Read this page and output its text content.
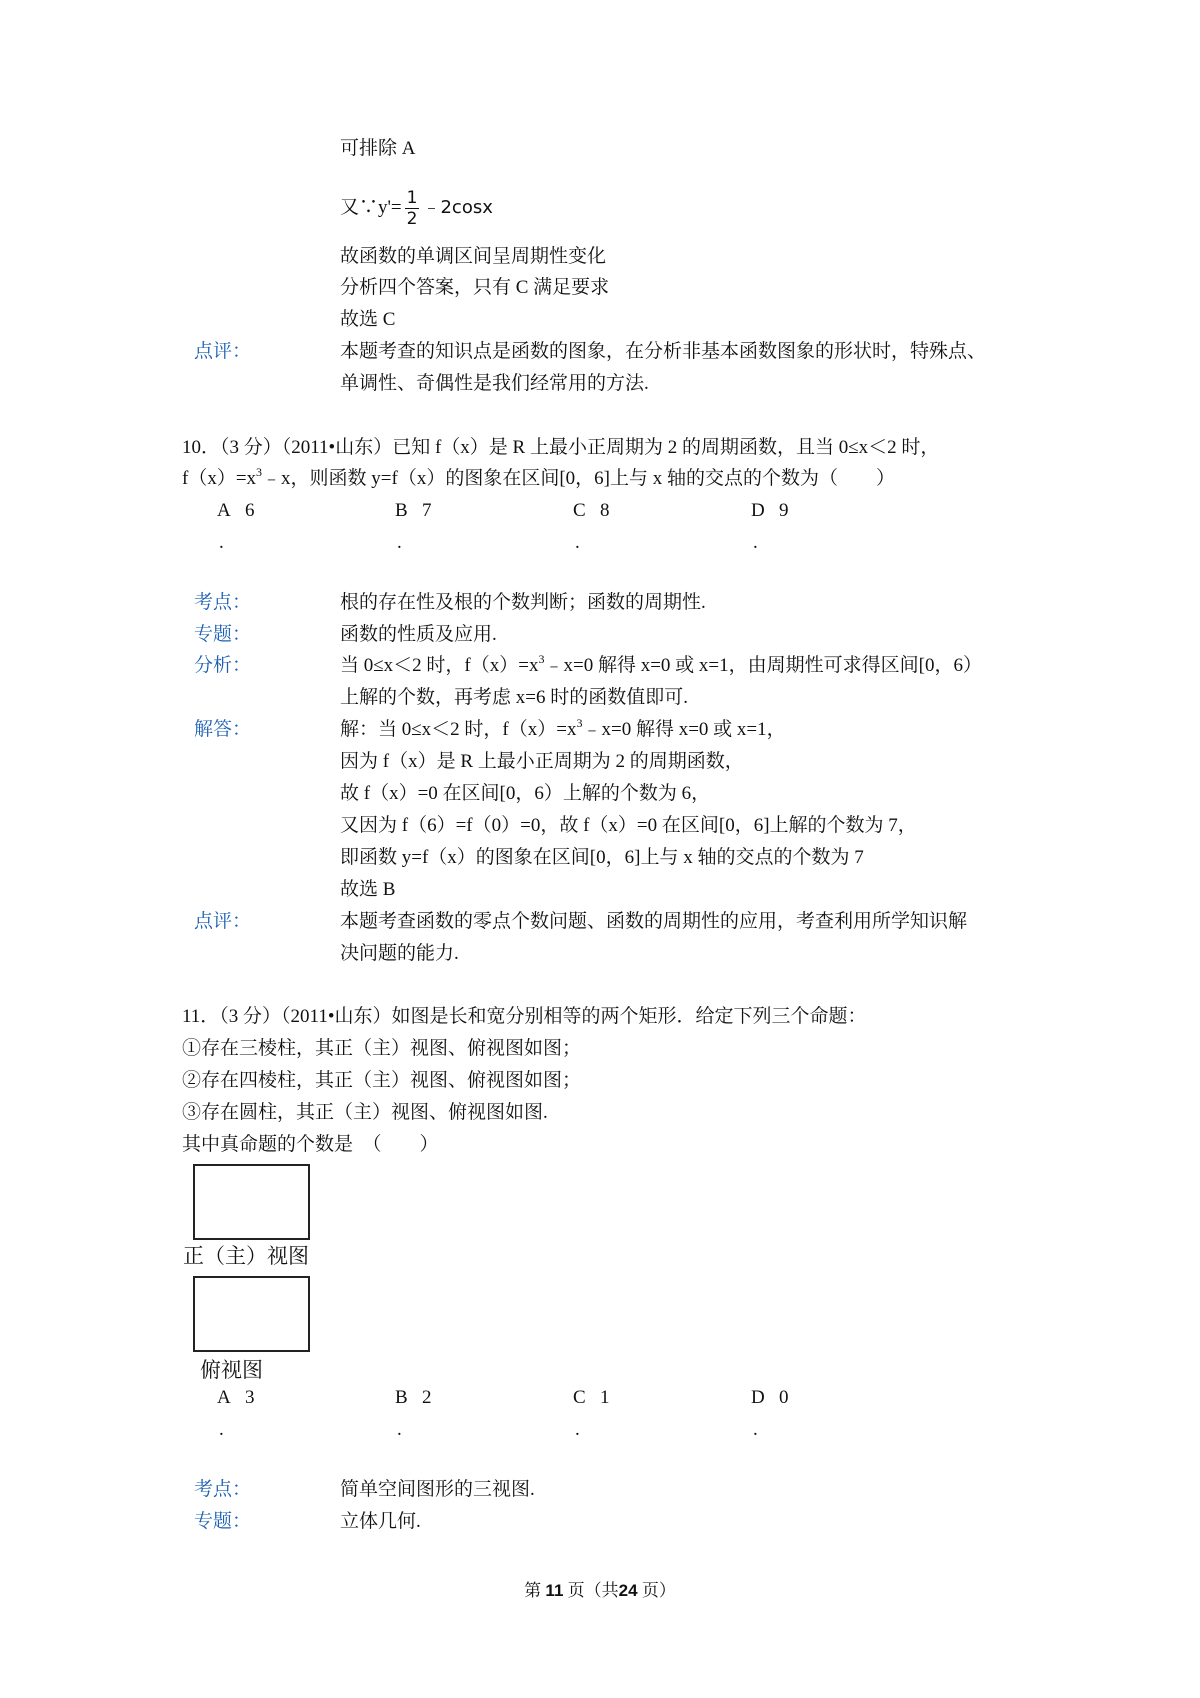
可排除 A
又∵y'= $\frac{1}{2}$ ﹣2cosx
故函数的单调区间呈周期性变化
分析四个答案，只有 C 满足要求
故选 C
点评：	本题考查的知识点是函数的图象，在分析非基本函数图象的形状时，特殊点、
单调性、奇偶性是我们经常用的方法.
10．（3 分）（2011•山东）已知 f（x）是 R 上最小正周期为 2 的周期函数，且当 0≤x＜2 时，
$f(x)=x^3﹣x$，则函数 y=f（x）的图象在区间[0，6]上与 x 轴的交点的个数为（　　）
A 6	B 7	C 8	D 9
.	.	.	.
考点：	根的存在性及根的个数判断；函数的周期性.
专题：	函数的性质及应用.
分析：	当 0≤x＜2 时，$f(x)=x^3﹣x=0$ 解得 x=0 或 x=1，由周期性可求得区间[0，6）
上解的个数，再考虑 x=6 时的函数值即可.
解答：	解：当 0≤x＜2 时，$f(x)=x^3﹣x=0$ 解得 x=0 或 x=1，
因为 f（x）是 R 上最小正周期为 2 的周期函数，
故 f（x）=0 在区间[0，6）上解的个数为 6，
又因为 f（6）=f（0）=0，故 f（x）=0 在区间[0，6]上解的个数为 7，
即函数 y=f（x）的图象在区间[0，6]上与 x 轴的交点的个数为 7
故选 B
点评：	本题考查函数的零点个数问题、函数的周期性的应用，考查利用所学知识解
决问题的能力.
11．（3 分）（2011•山东）如图是长和宽分别相等的两个矩形．给定下列三个命题：
①存在三棱柱，其正（主）视图、俯视图如图；
②存在四棱柱，其正（主）视图、俯视图如图；
③存在圆柱，其正（主）视图、俯视图如图.
其中真命题的个数是　（　　）
正（主）视图
俯视图
A 3	B 2	C 1	D 0
.	.	.	.
考点：	简单空间图形的三视图.
专题：	立体几何.
第 11 页（共24 页）
